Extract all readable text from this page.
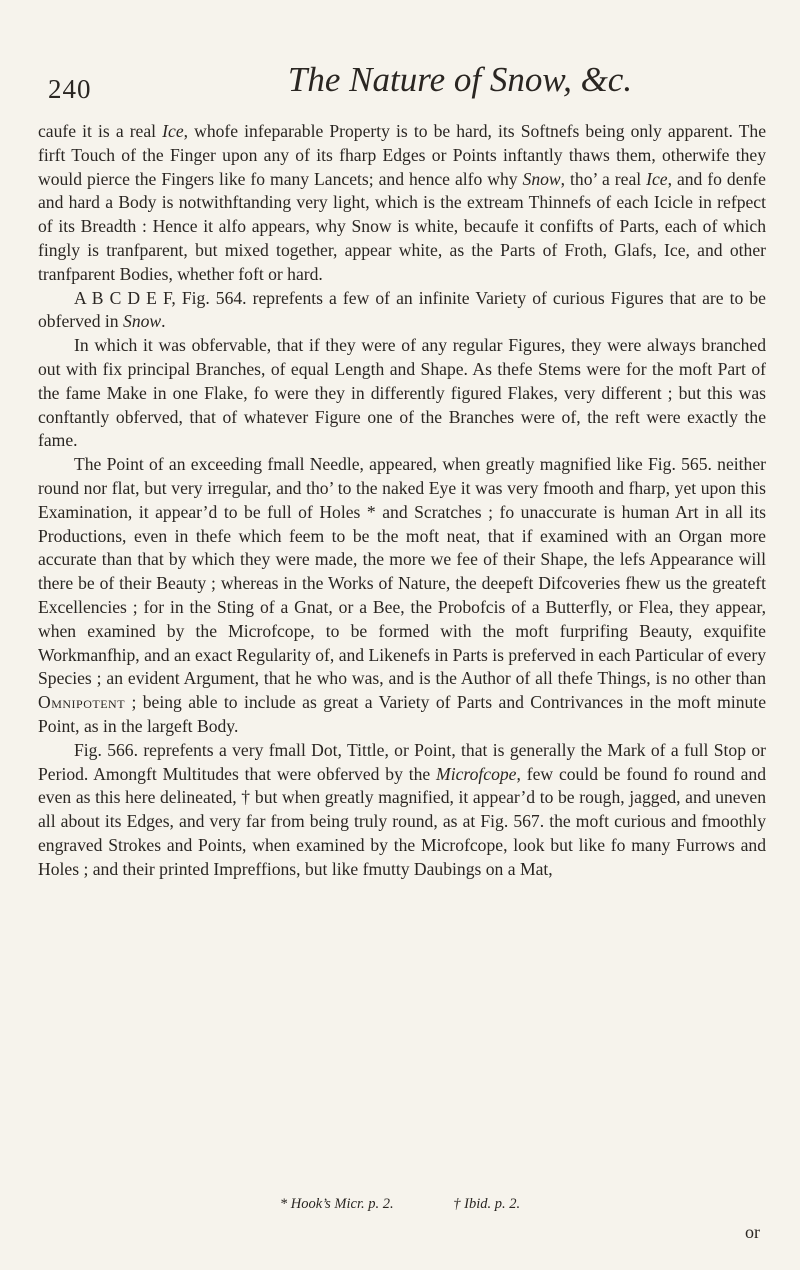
240	The Nature of Snow, &c.

caufe it is a real Ice, whofe infeparable Property is to be hard, its Softnefs being only apparent. The firft Touch of the Finger upon any of its fharp Edges or Points inftantly thaws them, otherwife they would pierce the Fingers like fo many Lancets; and hence alfo why Snow, tho’ a real Ice, and fo denfe and hard a Body is notwithftanding very light, which is the extream Thinnefs of each Icicle in refpect of its Breadth : Hence it alfo appears, why Snow is white, becaufe it confifts of Parts, each of which fingly is tranfparent, but mixed together, appear white, as the Parts of Froth, Glafs, Ice, and other tranfparent Bodies, whether foft or hard.

A B C D E F, Fig. 564. reprefents a few of an infinite Variety of curious Figures that are to be obferved in Snow.

In which it was obfervable, that if they were of any regular Figures, they were always branched out with fix principal Branches, of equal Length and Shape. As thefe Stems were for the moft Part of the fame Make in one Flake, fo were they in differently figured Flakes, very different ; but this was conftantly obferved, that of whatever Figure one of the Branches were of, the reft were exactly the fame.

The Point of an exceeding fmall Needle, appeared, when greatly magnified like Fig. 565. neither round nor flat, but very irregular, and tho’ to the naked Eye it was very fmooth and fharp, yet upon this Examination, it appear’d to be full of Holes * and Scratches ; fo unaccurate is human Art in all its Productions, even in thefe which feem to be the moft neat, that if examined with an Organ more accurate than that by which they were made, the more we fee of their Shape, the lefs Appearance will there be of their Beauty ; whereas in the Works of Nature, the deepeft Difcoveries fhew us the greateft Excellencies ; for in the Sting of a Gnat, or a Bee, the Probofcis of a Butterfly, or Flea, they appear, when examined by the Microfcope, to be formed with the moft furprifing Beauty, exquifite Workmanfhip, and an exact Regularity of, and Likenefs in Parts is preferved in each Particular of every Species ; an evident Argument, that he who was, and is the Author of all thefe Things, is no other than Omnipotent ; being able to include as great a Variety of Parts and Contrivances in the moft minute Point, as in the largeft Body.

Fig. 566. reprefents a very fmall Dot, Tittle, or Point, that is generally the Mark of a full Stop or Period. Amongft Multitudes that were obferved by the Microfcope, few could be found fo round and even as this here delineated, † but when greatly magnified, it appear’d to be rough, jagged, and uneven all about its Edges, and very far from being truly round, as at Fig. 567. the moft curious and fmoothly engraved Strokes and Points, when examined by the Microfcope, look but like fo many Furrows and Holes ; and their printed Impreffions, but like fmutty Daubings on a Mat,

* Hook’s Micr. p. 2.	† Ibid. p. 2.
or
